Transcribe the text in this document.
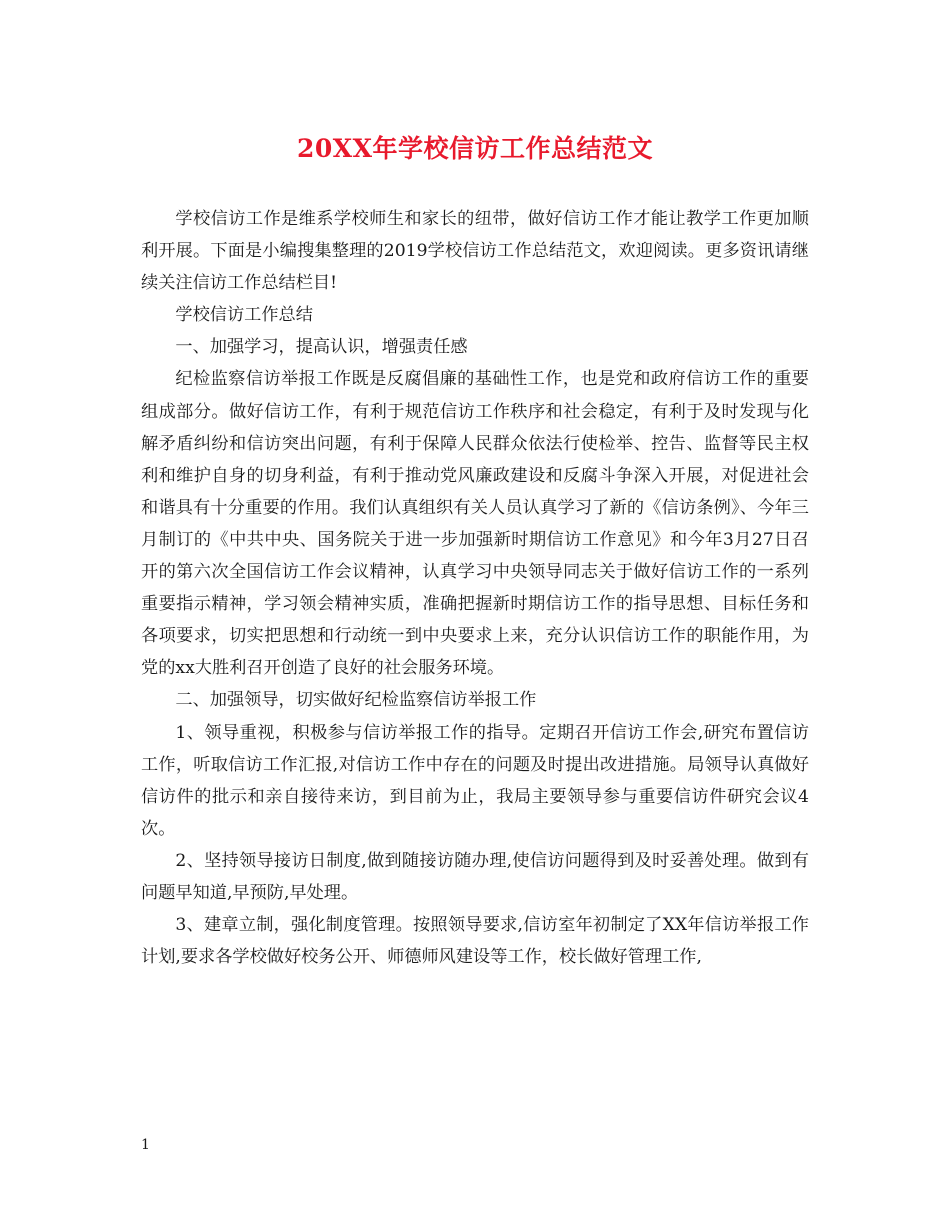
20XX年学校信访工作总结范文

学校信访工作是维系学校师生和家长的纽带，做好信访工作才能让教学工作更加顺利开展。下面是小编搜集整理的2019学校信访工作总结范文，欢迎阅读。更多资讯请继续关注信访工作总结栏目!

学校信访工作总结

一、加强学习，提高认识，增强责任感

纪检监察信访举报工作既是反腐倡廉的基础性工作，也是党和政府信访工作的重要组成部分。做好信访工作，有利于规范信访工作秩序和社会稳定，有利于及时发现与化解矛盾纠纷和信访突出问题，有利于保障人民群众依法行使检举、控告、监督等民主权利和维护自身的切身利益，有利于推动党风廉政建设和反腐斗争深入开展，对促进社会和谐具有十分重要的作用。我们认真组织有关人员认真学习了新的《信访条例》、今年三月制订的《中共中央、国务院关于进一步加强新时期信访工作意见》和今年3月27日召开的第六次全国信访工作会议精神，认真学习中央领导同志关于做好信访工作的一系列重要指示精神，学习领会精神实质，准确把握新时期信访工作的指导思想、目标任务和各项要求，切实把思想和行动统一到中央要求上来，充分认识信访工作的职能作用，为党的xx大胜利召开创造了良好的社会服务环境。

二、加强领导，切实做好纪检监察信访举报工作

1、领导重视，积极参与信访举报工作的指导。定期召开信访工作会,研究布置信访工作，听取信访工作汇报,对信访工作中存在的问题及时提出改进措施。局领导认真做好信访件的批示和亲自接待来访，到目前为止，我局主要领导参与重要信访件研究会议4次。

2、坚持领导接访日制度,做到随接访随办理,使信访问题得到及时妥善处理。做到有问题早知道,早预防,早处理。

3、建章立制，强化制度管理。按照领导要求,信访室年初制定了XX年信访举报工作计划,要求各学校做好校务公开、师德师风建设等工作，校长做好管理工作,

1
